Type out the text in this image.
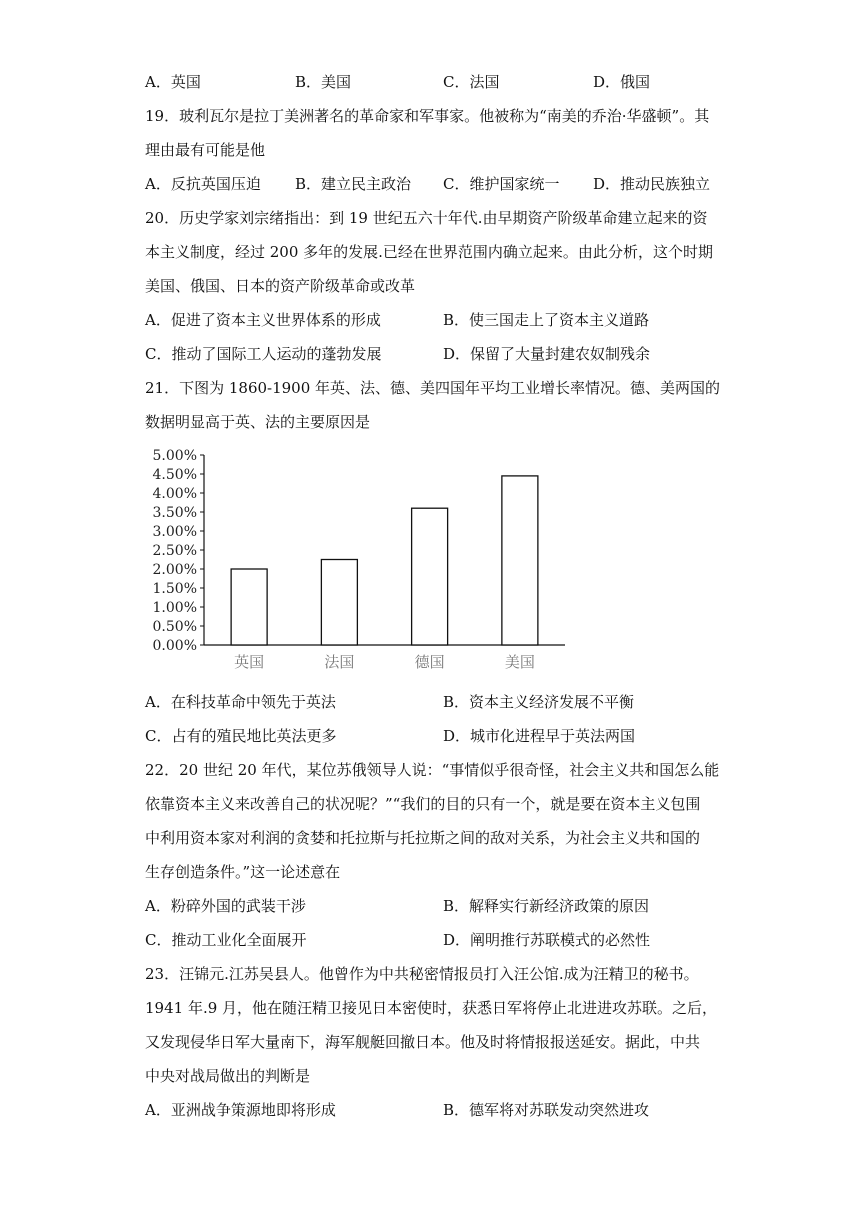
A．英国	B．美国	C．法国	D．俄国
19．玻利瓦尔是拉丁美洲著名的革命家和军事家。他被称为“南美的乔治·华盛顿”。其
理由最有可能是他
A．反抗英国压迫 B．建立民主政治 C．维护国家统一 D．推动民族独立
20．历史学家刘宗绪指出：到 19 世纪五六十年代.由早期资产阶级革命建立起来的资
本主义制度，经过 200 多年的发展.已经在世界范围内确立起来。由此分析，这个时期
美国、俄国、日本的资产阶级革命或改革
A．促进了资本主义世界体系的形成	B．使三国走上了资本主义道路
C．推动了国际工人运动的蓬勃发展	D．保留了大量封建农奴制残余
21．下图为 1860-1900 年英、法、德、美四国年平均工业增长率情况。德、美两国的
数据明显高于英、法的主要原因是
0.00%
0.50%
1.00%
1.50%
2.00%
2.50%
3.00%
3.50%
4.00%
4.50%
5.00%
英国	法国	德国	美国
A．在科技革命中领先于英法	B．资本主义经济发展不平衡
C．占有的殖民地比英法更多	D．城市化进程早于英法两国
22．20 世纪 20 年代，某位苏俄领导人说：“事情似乎很奇怪，社会主义共和国怎么能
依靠资本主义来改善自己的状况呢？”“我们的目的只有一个，就是要在资本主义包围
中利用资本家对利润的贪婪和托拉斯与托拉斯之间的敌对关系，为社会主义共和国的
生存创造条件。”这一论述意在
A．粉碎外国的武装干涉	B．解释实行新经济政策的原因
C．推动工业化全面展开	D．阐明推行苏联模式的必然性
23．汪锦元.江苏吴县人。他曾作为中共秘密情报员打入汪公馆.成为汪精卫的秘书。
1941 年.9 月，他在随汪精卫接见日本密使时，获悉日军将停止北进进攻苏联。之后，
又发现侵华日军大量南下，海军舰艇回撤日本。他及时将情报报送延安。据此，中共
中央对战局做出的判断是
A．亚洲战争策源地即将形成	B．德军将对苏联发动突然进攻
